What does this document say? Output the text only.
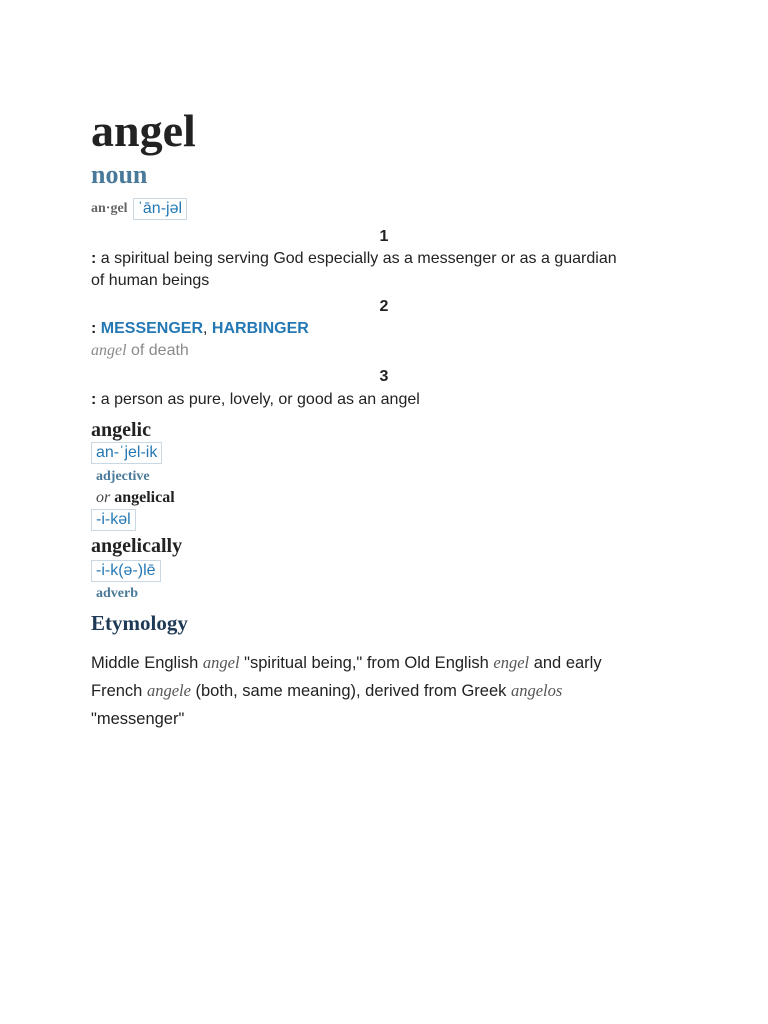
angel
noun
an·gel ˈān-jəl
1
: a spiritual being serving God especially as a messenger or as a guardian of human beings
2
: MESSENGER, HARBINGER
angel of death
3
: a person as pure, lovely, or good as an angel
angelic
an-ˈjel-ik
adjective
or angelical
-i-kəl
angelically
-i-k(ə-)lē
adverb
Etymology
Middle English angel "spiritual being," from Old English engel and early French angele (both, same meaning), derived from Greek angelos "messenger"
